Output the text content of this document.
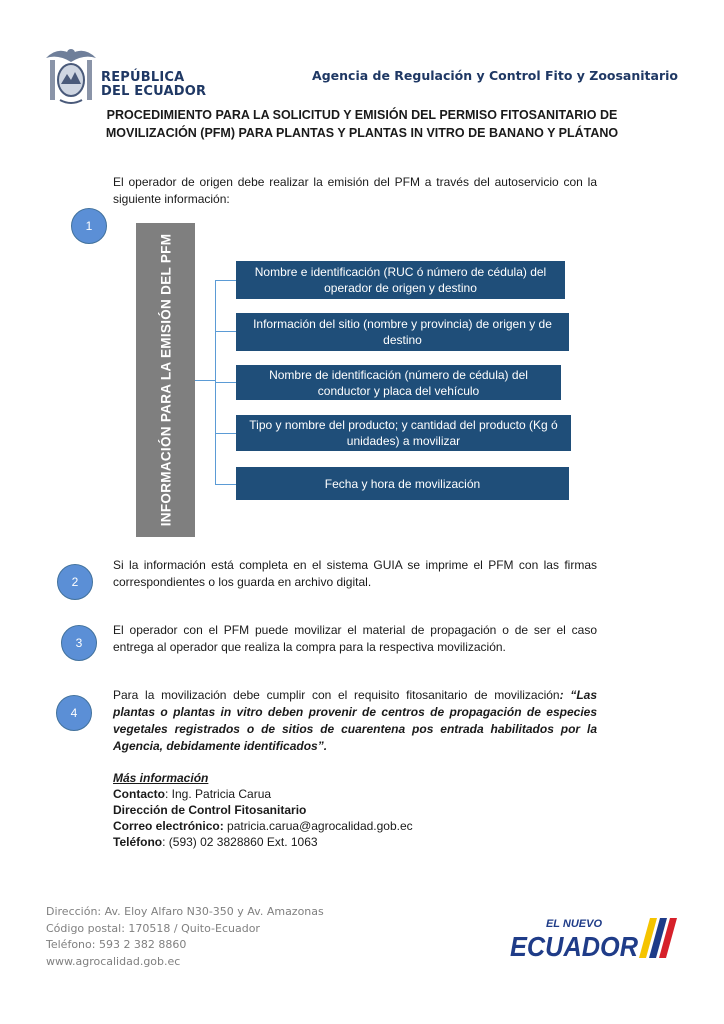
REPÚBLICA
DEL ECUADOR
Agencia de Regulación y Control Fito y Zoosanitario
PROCEDIMIENTO PARA LA SOLICITUD Y EMISIÓN DEL PERMISO FITOSANITARIO DE MOVILIZACIÓN (PFM) PARA PLANTAS Y PLANTAS IN VITRO DE BANANO Y PLÁTANO
El operador de origen debe realizar la emisión del PFM a través del autoservicio con la siguiente información:
1
INFORMACIÓN PARA LA EMISIÓN DEL PFM	Nombre e identificación (RUC ó número de cédula) del operador de origen y destino
Información del sitio (nombre y provincia) de origen y de destino
Nombre de identificación (número de cédula) del conductor y placa del vehículo
Tipo y nombre del producto; y cantidad del producto (Kg ó unidades) a movilizar
Fecha y hora de movilización
Si la información está completa en el sistema GUIA se imprime el PFM con las firmas correspondientes o los guarda en archivo digital.
2
El operador con el PFM puede movilizar el material de propagación o de ser el caso entrega al operador que realiza la compra para la respectiva movilización.
3
Para la movilización debe cumplir con el requisito fitosanitario de movilización: “Las plantas o plantas in vitro deben provenir de centros de propagación de especies vegetales registrados o de sitios de cuarentena pos entrada habilitados por la Agencia, debidamente identificados”.
4
Más información
Contacto: Ing. Patricia Carua
Dirección de Control Fitosanitario
Correo electrónico: patricia.carua@agrocalidad.gob.ec
Teléfono: (593) 02 3828860 Ext. 1063
Dirección: Av. Eloy Alfaro N30-350 y Av. Amazonas
Código postal: 170518 / Quito-Ecuador
Teléfono: 593 2 382 8860
www.agrocalidad.gob.ec
EL NUEVO
ECUADOR
